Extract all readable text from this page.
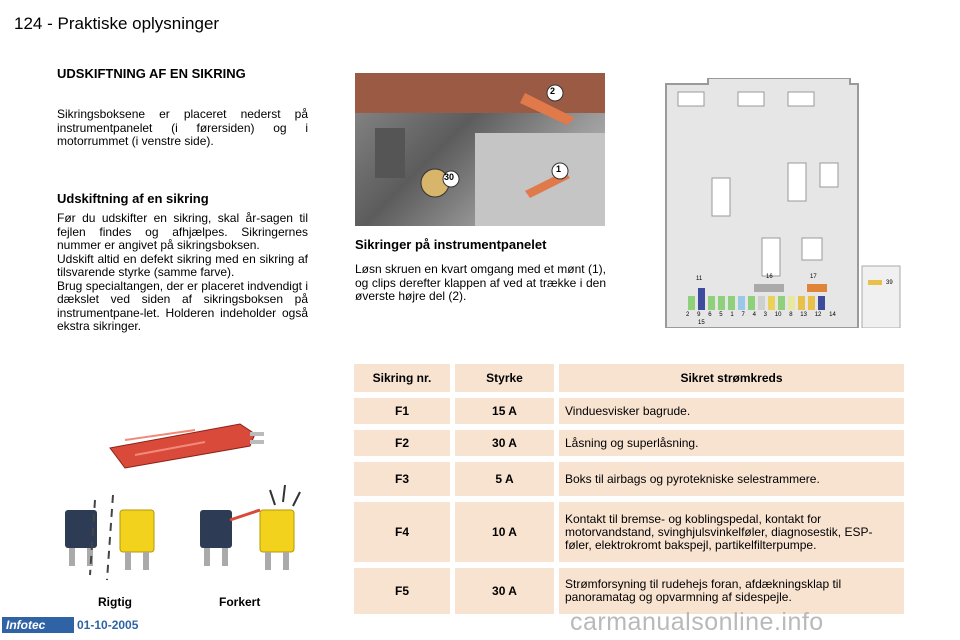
124 - Praktiske oplysninger
UDSKIFTNING AF EN SIKRING
Sikringsboksene er placeret nederst på instrumentpanelet (i førersiden) og i motorrummet (i venstre side).
Udskiftning af en sikring
Før du udskifter en sikring, skal år-sagen til fejlen findes og afhjælpes. Sikringernes nummer er angivet på sikringsboksen.
Udskift altid en defekt sikring med en sikring af tilsvarende styrke (samme farve).
Brug specialtangen, der er placeret indvendigt i dækslet ved siden af sikringsboksen på instrumentpane-let. Holderen indeholder også ekstra sikringer.
Rigtig	Forkert
2
1
30
Sikringer på instrumentpanelet
Løsn skruen en kvart omgang med et mønt (1), og clips derefter klappen af ved at trække i den øverste højre del (2).
11	16	17
39
15
2 9 6 5 1 7 4 3 10 8 13 12 14
Sikring nr.	Styrke	Sikret strømkreds
F1	15 A	Vinduesvisker bagrude.
F2	30 A	Låsning og superlåsning.
F3	5 A	Boks til airbags og pyrotekniske selestrammere.
F4	10 A	Kontakt til bremse- og koblingspedal, kontakt for motorvandstand, svinghjulsvinkelføler, diagnosestik, ESP-føler, elektrokromt bakspejl, partikelfilterpumpe.
F5	30 A	Strømforsyning til rudehejs foran, afdækningsklap til panoramatag og opvarmning af sidespejle.
Infotec	01-10-2005	carmanualsonline.info
